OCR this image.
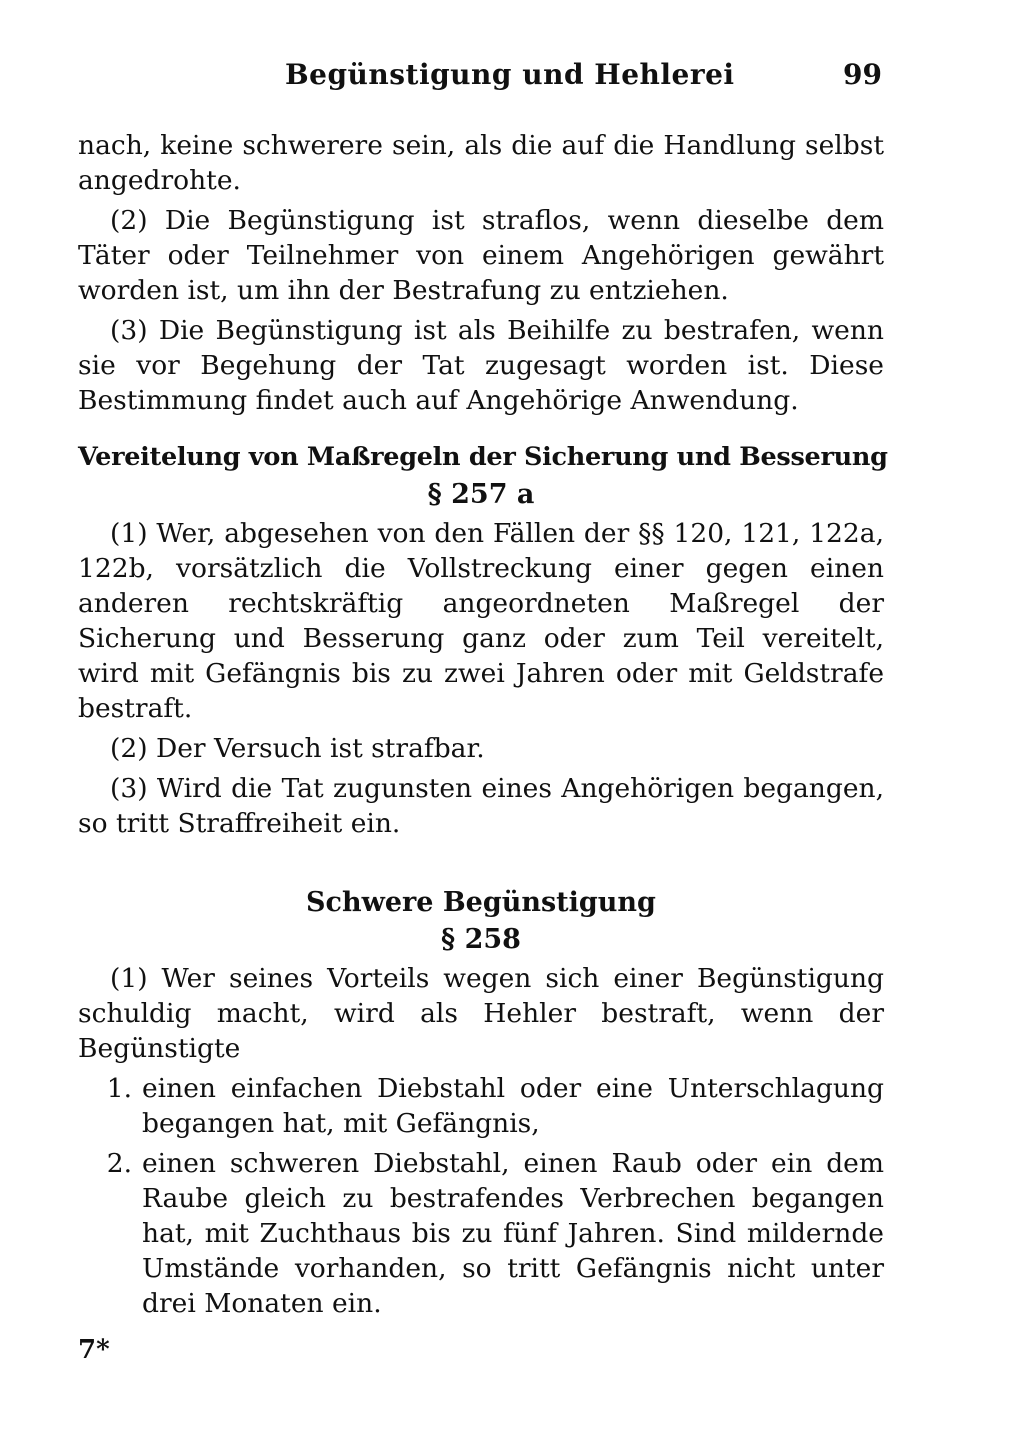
Begünstigung und Hehlerei	99

nach, keine schwerere sein, als die auf die Handlung selbst angedrohte.

(2) Die Begünstigung ist straflos, wenn dieselbe dem Täter oder Teilnehmer von einem Angehörigen gewährt worden ist, um ihn der Bestrafung zu entziehen.

(3) Die Begünstigung ist als Beihilfe zu bestrafen, wenn sie vor Begehung der Tat zugesagt worden ist. Diese Bestimmung findet auch auf Angehörige Anwendung.

Vereitelung von Maßregeln der Sicherung und Besserung
§ 257 a

(1) Wer, abgesehen von den Fällen der §§ 120, 121, 122a, 122b, vorsätzlich die Vollstreckung einer gegen einen anderen rechtskräftig angeordneten Maßregel der Sicherung und Besserung ganz oder zum Teil vereitelt, wird mit Gefängnis bis zu zwei Jahren oder mit Geldstrafe bestraft.

(2) Der Versuch ist strafbar.

(3) Wird die Tat zugunsten eines Angehörigen begangen, so tritt Straffreiheit ein.

Schwere Begünstigung
§ 258

(1) Wer seines Vorteils wegen sich einer Begünstigung schuldig macht, wird als Hehler bestraft, wenn der Begünstigte

1. einen einfachen Diebstahl oder eine Unterschlagung begangen hat, mit Gefängnis,
2. einen schweren Diebstahl, einen Raub oder ein dem Raube gleich zu bestrafendes Verbrechen begangen hat, mit Zuchthaus bis zu fünf Jahren. Sind mildernde Umstände vorhanden, so tritt Gefängnis nicht unter drei Monaten ein.
7*
